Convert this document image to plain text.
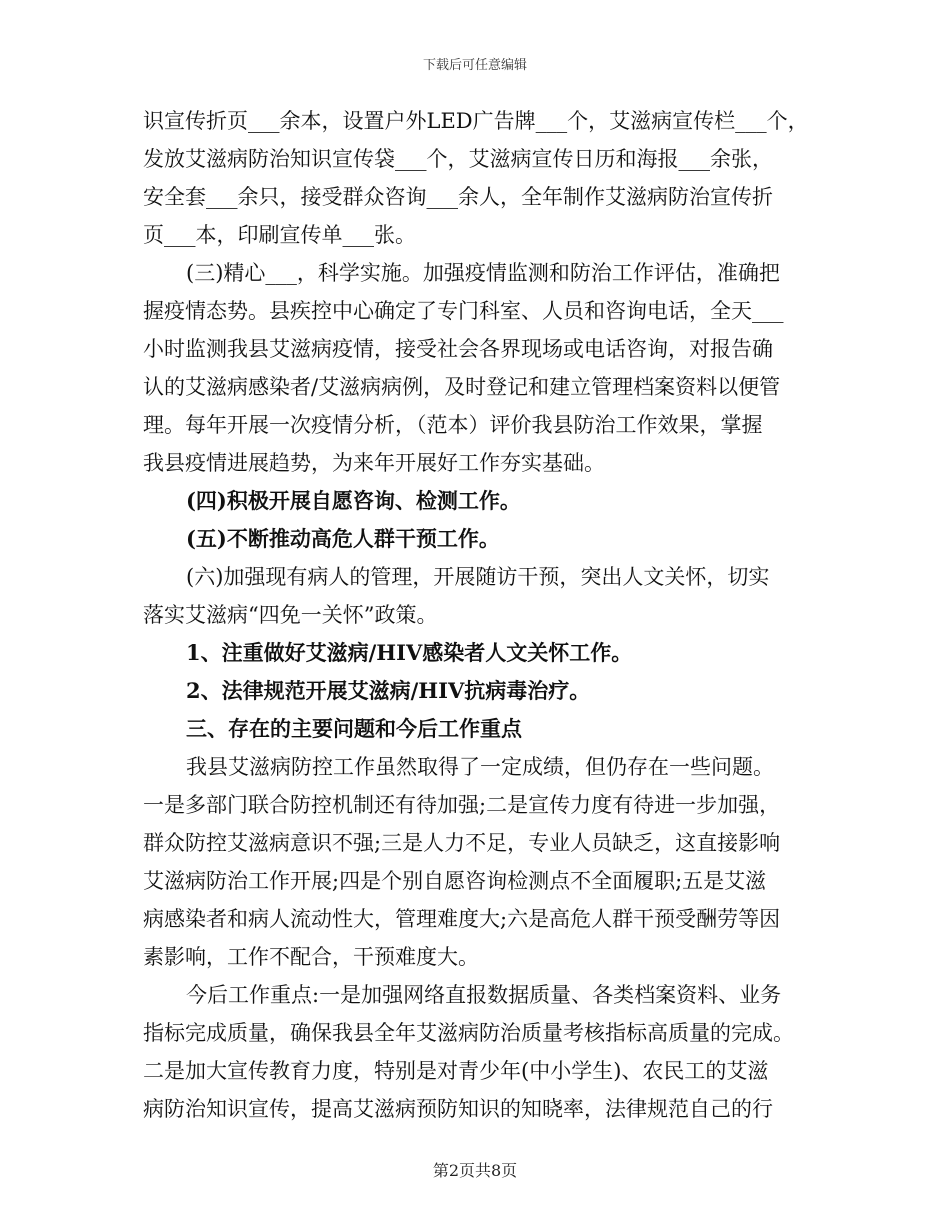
下载后可任意编辑
识宣传折页___余本，设置户外LED广告牌___个，艾滋病宣传栏___个，
发放艾滋病防治知识宣传袋___个，艾滋病宣传日历和海报___余张，
安全套___余只，接受群众咨询___余人，全年制作艾滋病防治宣传折
页___本，印刷宣传单___张。
(三)精心___，科学实施。加强疫情监测和防治工作评估，准确把
握疫情态势。县疾控中心确定了专门科室、人员和咨询电话，全天___
小时监测我县艾滋病疫情，接受社会各界现场或电话咨询，对报告确
认的艾滋病感染者/艾滋病病例，及时登记和建立管理档案资料以便管
理。每年开展一次疫情分析，（范本）评价我县防治工作效果，掌握
我县疫情进展趋势，为来年开展好工作夯实基础。
(四)积极开展自愿咨询、检测工作。
(五)不断推动高危人群干预工作。
(六)加强现有病人的管理，开展随访干预，突出人文关怀，切实
落实艾滋病“四免一关怀”政策。
1、注重做好艾滋病/HIV感染者人文关怀工作。
2、法律规范开展艾滋病/HIV抗病毒治疗。
三、存在的主要问题和今后工作重点
我县艾滋病防控工作虽然取得了一定成绩，但仍存在一些问题。
一是多部门联合防控机制还有待加强;二是宣传力度有待进一步加强，
群众防控艾滋病意识不强;三是人力不足，专业人员缺乏，这直接影响
艾滋病防治工作开展;四是个别自愿咨询检测点不全面履职;五是艾滋
病感染者和病人流动性大，管理难度大;六是高危人群干预受酬劳等因
素影响，工作不配合，干预难度大。
今后工作重点:一是加强网络直报数据质量、各类档案资料、业务
指标完成质量，确保我县全年艾滋病防治质量考核指标高质量的完成。
二是加大宣传教育力度，特别是对青少年(中小学生)、农民工的艾滋
病防治知识宣传，提高艾滋病预防知识的知晓率，法律规范自己的行
第2页共8页
